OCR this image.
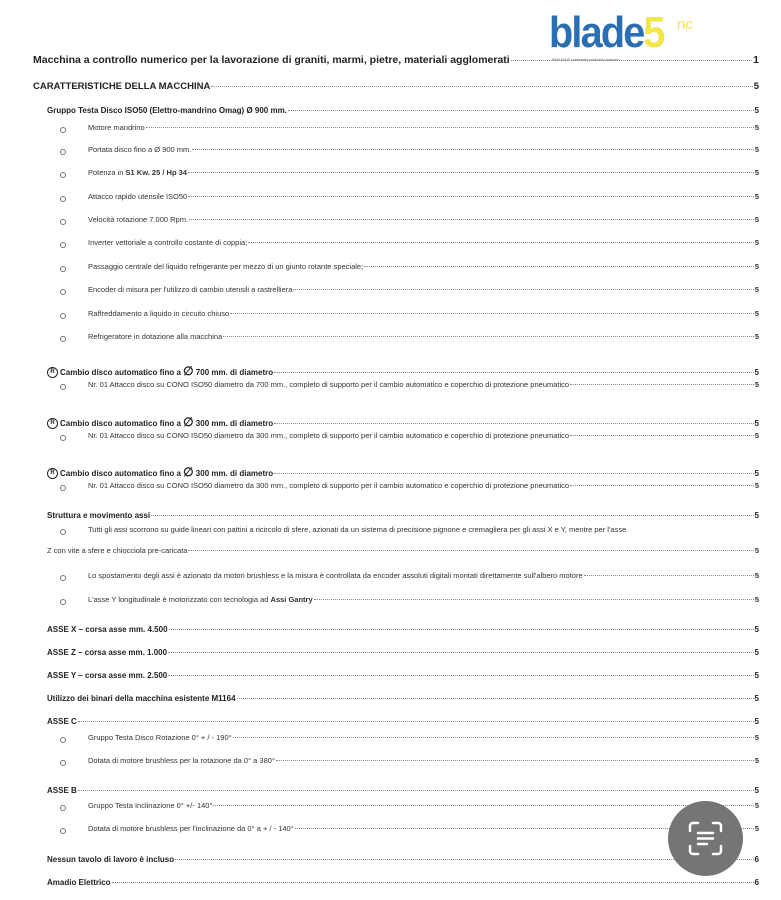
blade5 nc
FIVE AXES numerically controlled machine
Macchina a controllo numerico per la lavorazione di graniti, marmi, pietre, materiali agglomerati	1
CARATTERISTICHE DELLA MACCHINA	5
Gruppo Testa Disco ISO50 (Elettro-mandrino Omag) Ø 900 mm.	5
Motore mandrino	5
Portata disco fino a Ø 900 mm.	5
Potenza in S1 Kw. 25 / Hp 34	5
Attacco rapido utensile ISO50	5
Velocità rotazione 7.000 Rpm.	5
Inverter vettoriale a controllo costante di coppia;	5
Passaggio centrale del liquido refrigerante per mezzo di un giunto rotante speciale;	5
Encoder di misura per l'utilizzo di cambio utensili a rastrelliera	5
Raffreddamento a liquido in circuito chiuso	5
Refrigeratore in dotazione alla macchina	5
R Cambio disco automatico fino a ∅ 700 mm. di diametro	5
Nr. 01 Attacco disco su CONO ISO50 diametro da 700 mm., completo di supporto per il cambio automatico e coperchio di protezione pneumatico	5
R Cambio disco automatico fino a ∅ 300 mm. di diametro	5
Nr. 01 Attacco disco su CONO ISO50 diametro da 300 mm., completo di supporto per il cambio automatico e coperchio di protezione pneumatico	5
R Cambio disco automatico fino a ∅ 300 mm. di diametro	5
Nr. 01 Attacco disco su CONO ISO50 diametro da 300 mm., completo di supporto per il cambio automatico e coperchio di protezione pneumatico	5
Struttura e movimento assi	5
Tutti gli assi scorrono su guide lineari con pattini a ricircolo di sfere, azionati da un sistema di precisione pignone e cremagliera per gli assi X e Y, mentre per l'asse
Z con vite a sfere e chiocciola pre-caricata	5
Lo spostamento degli assi è azionato da motori brushless e la misura è controllata da encoder assoluti digitali montati direttamente sull'albero motore	5
L'asse Y longitudinale è motorizzato con tecnologia ad Assi Gantry	5
ASSE X – corsa asse mm. 4.500	5
ASSE Z – corsa asse mm. 1.000	5
ASSE Y – corsa asse mm. 2.500	5
Utilizzo dei binari della macchina esistente M1164	5
ASSE C	5
Gruppo Testa Disco Rotazione 0° + / - 190°	5
Dotata di motore brushless per la rotazione da 0° a 380°	5
ASSE B	5
Gruppo Testa Inclinazione 0° +/- 140°	5
Dotata di motore brushless per l'inclinazione da 0° a + / - 140°	5
Nessun tavolo di lavoro è incluso	6
Amadio Elettrico	6
